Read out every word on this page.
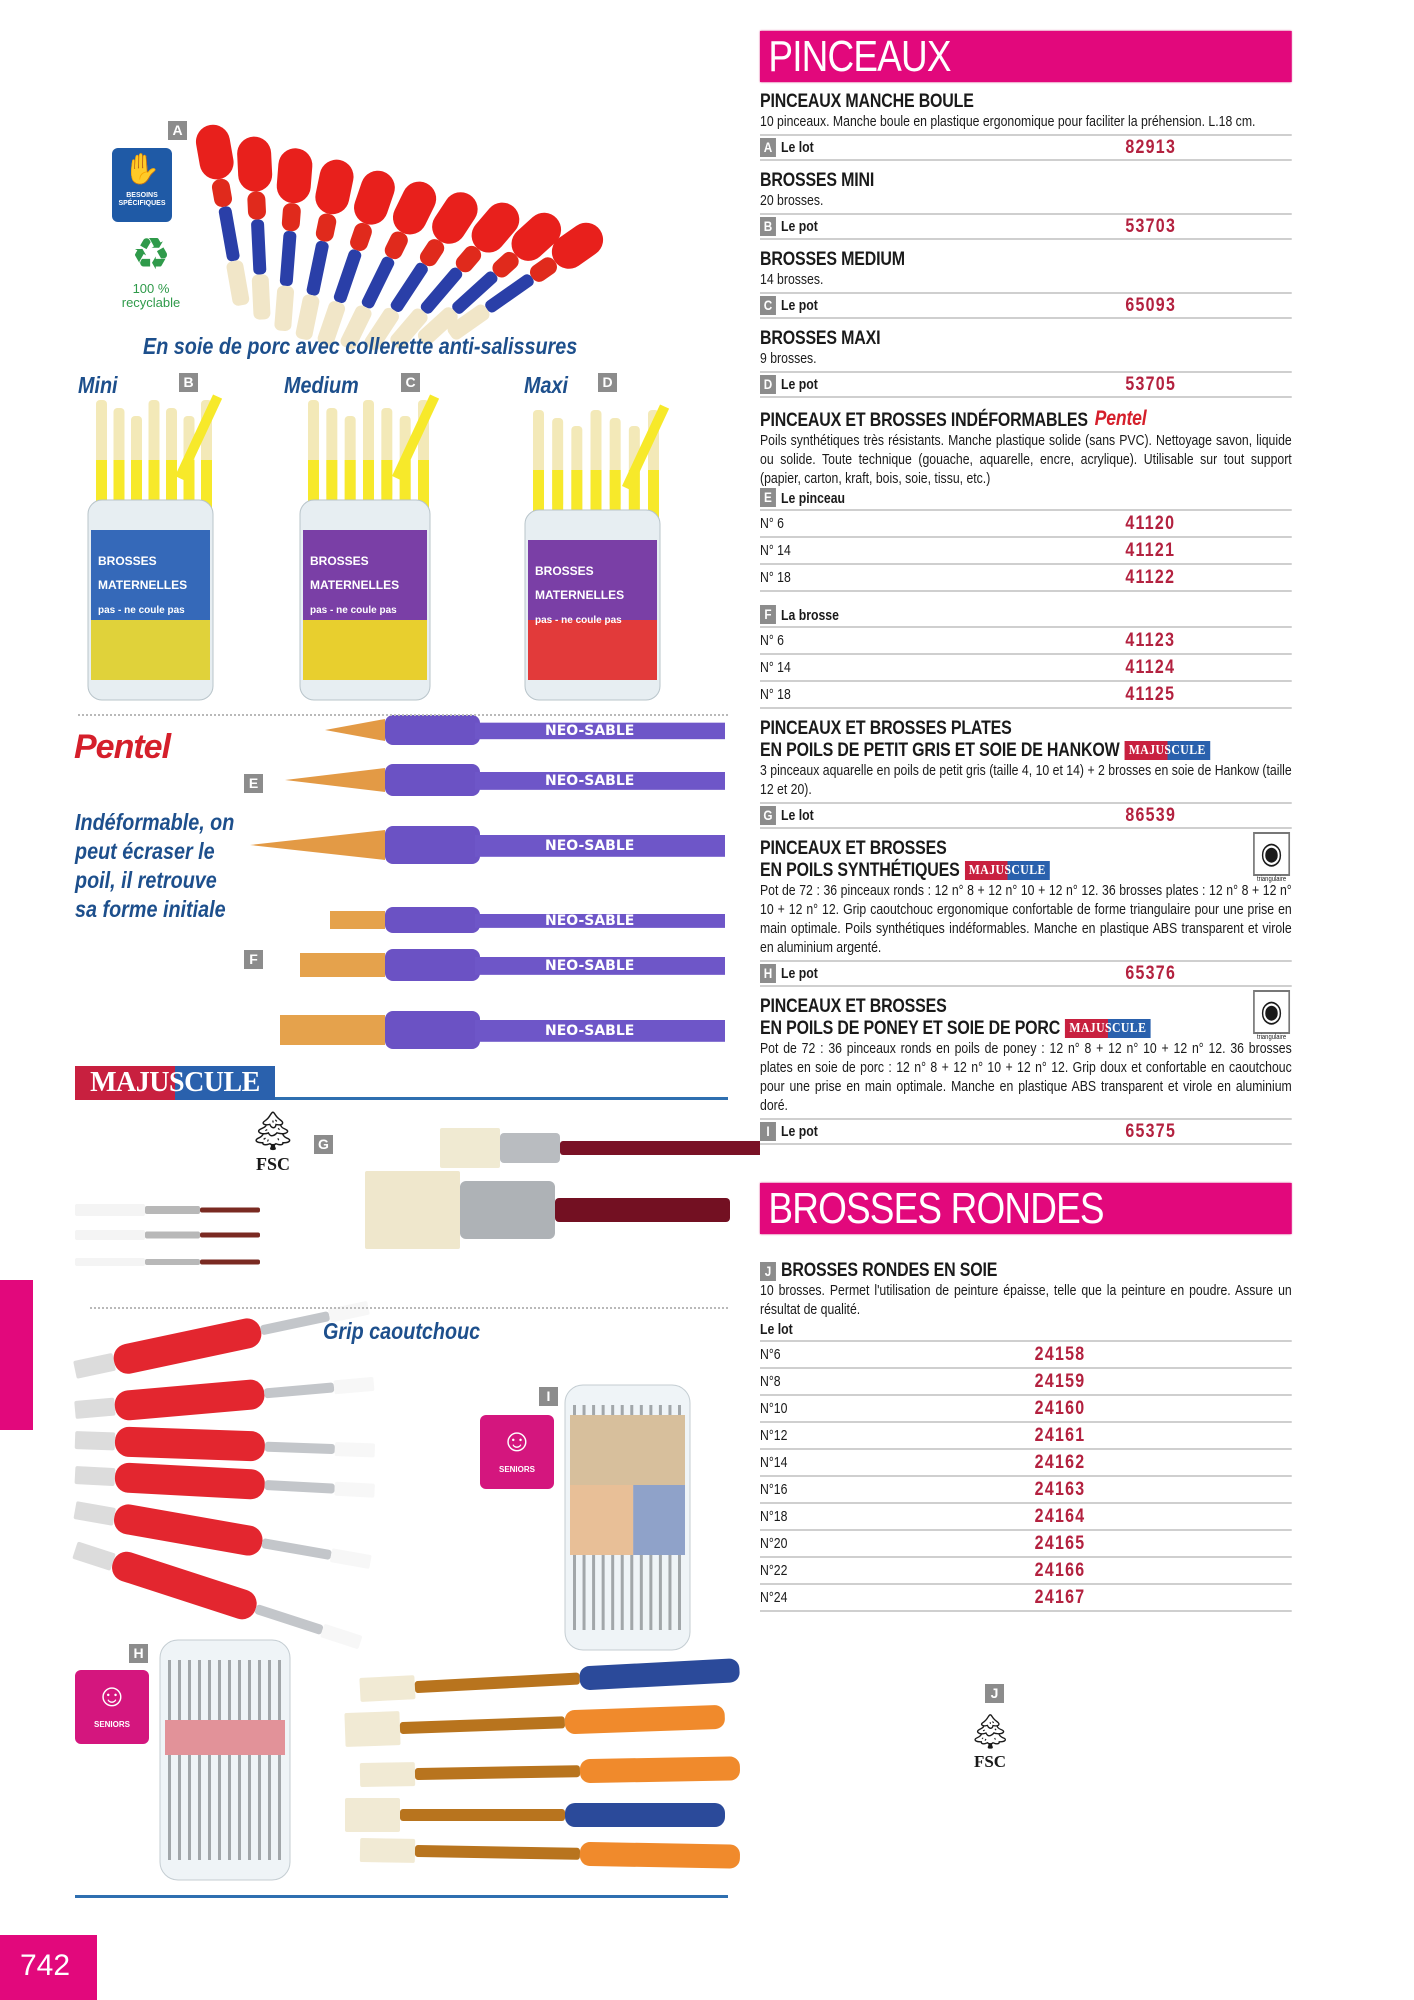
BROSSES
MATERNELLES
pas - ne coule pas
BROSSES
MATERNELLES
pas - ne coule pas
BROSSES
MATERNELLES
pas - ne coule pas
NEO-SABLE
NEO-SABLE
NEO-SABLE
NEO-SABLE
NEO-SABLE
NEO-SABLE
A
B	C	D
E
F
G
I
H
J
✋
BESOINS SPÉCIFIQUES
♻
100 %
recyclable
En soie de porc avec collerette anti-salissures
Mini	Medium	Maxi
Pentel
Indéformable, on
peut écraser le
poil, il retrouve
sa forme initiale
MAJUSCULE
🌲︎
FSC
Grip caoutchouc
☺
SENIORS
☺
SENIORS	🌲︎
FSC
742
PINCEAUX
PINCEAUX MANCHE BOULE
10 pinceaux. Manche boule en plastique ergonomique pour faciliter la préhension. L.18 cm.
A Le lot	82913
BROSSES MINI
20 brosses.
B Le pot	53703
BROSSES MEDIUM
14 brosses.
C Le pot	65093
BROSSES MAXI
9 brosses.
D Le pot	53705
PINCEAUX ET BROSSES INDÉFORMABLES Pentel
Poils synthétiques très résistants. Manche plastique solide (sans PVC). Nettoyage savon, liquide ou solide. Toute technique (gouache, aquarelle, encre, acrylique). Utilisable sur tout support (papier, carton, kraft, bois, soie, tissu, etc.)
E Le pinceau
N° 6	41120
N° 14	41121
N° 18	41122
F La brosse
N° 6	41123
N° 14	41124
N° 18	41125
PINCEAUX ET BROSSES PLATES
EN POILS DE PETIT GRIS ET SOIE DE HANKOW MAJUSCULE
3 pinceaux aquarelle en poils de petit gris (taille 4, 10 et 14) + 2 brosses en soie de Hankow (taille 12 et 20).
G Le lot	86539
◉
triangulaire
PINCEAUX ET BROSSES
EN POILS SYNTHÉTIQUES MAJUSCULE
Pot de 72 : 36 pinceaux ronds : 12 n° 8 + 12 n° 10 + 12 n° 12. 36 brosses plates : 12 n° 8 + 12 n° 10 + 12 n° 12. Grip caoutchouc ergonomique confortable de forme triangulaire pour une prise en main optimale. Poils synthétiques indéformables. Manche en plastique ABS transparent et virole en aluminium argenté.
H Le pot	65376
◉
triangulaire
PINCEAUX ET BROSSES
EN POILS DE PONEY ET SOIE DE PORC MAJUSCULE
Pot de 72 : 36 pinceaux ronds en poils de poney : 12 n° 8 + 12 n° 10 + 12 n° 12. 36 brosses plates en soie de porc : 12 n° 8 + 12 n° 10 + 12 n° 12. Grip doux et confortable en caoutchouc pour une prise en main optimale. Manche en plastique ABS transparent et virole en aluminium doré.
I Le pot	65375
BROSSES RONDES
J BROSSES RONDES EN SOIE
10 brosses. Permet l'utilisation de peinture épaisse, telle que la peinture en poudre. Assure un résultat de qualité.
Le lot
N°6	24158
N°8	24159
N°10	24160
N°12	24161
N°14	24162
N°16	24163
N°18	24164
N°20	24165
N°22	24166
N°24	24167
